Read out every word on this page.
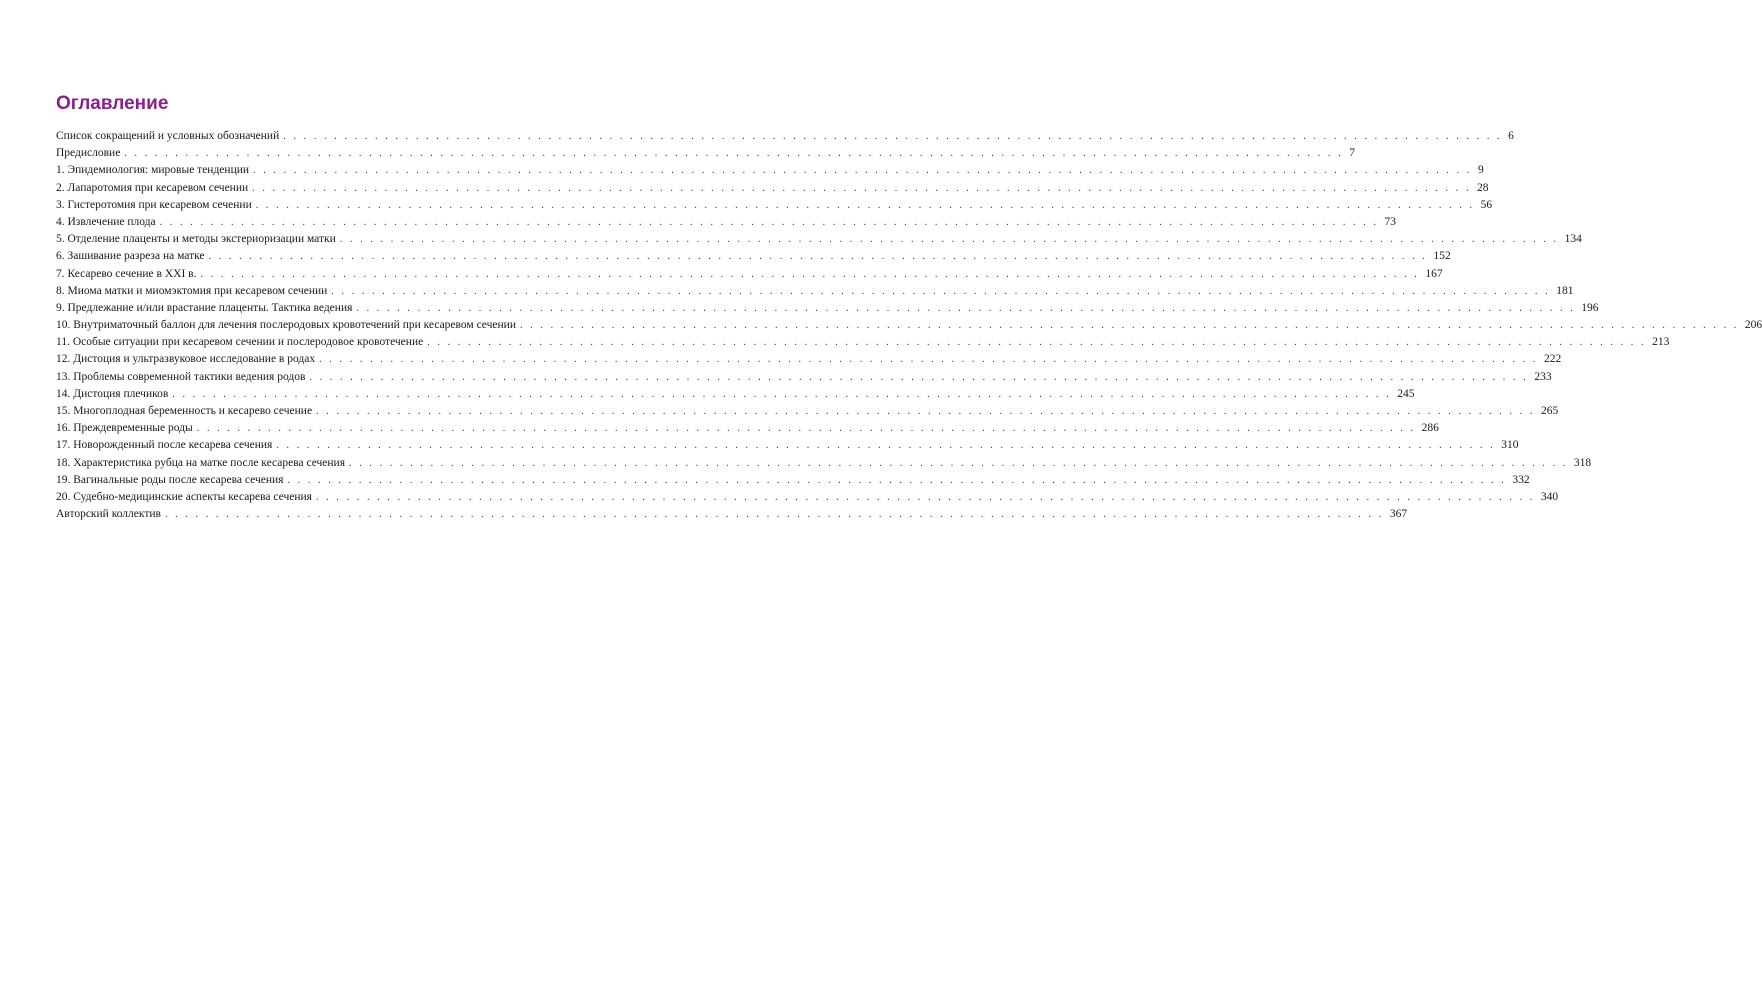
Оглавление
Список сокращений и условных обозначений . . . . . . . . . . . . . . . . . . . . . . . . . . . . . . . . . . . . . . . . . . . . . . . . . . . . . . . . . . . . . . . . . . . . . . . . . . . . . . . . . . . . . . . . . . . . . . . . . . . . . . . . . . . . . . . . . . . . . . . . 6
Предисловие . . . . . . . . . . . . . . . . . . . . . . . . . . . . . . . . . . . . . . . . . . . . . . . . . . . . . . . . . . . . . . . . . . . . . . . . . . . . . . . . . . . . . . . . . . . . . . . . . . . . . . . . . . . . . . . . . . . . . . . . 7
1. Эпидемиология: мировые тенденции . . . . . . . . . . . . . . . . . . . . . . . . . . . . . . . . . . . . . . . . . . . . . . . . . . . . . . . . . . . . . . . . . . . . . . . . . . . . . . . . . . . . . . . . . . . . . . . . . . . . . . . . . . . . . . . . . . . . . . . . 9
2. Лапаротомия при кесаревом сечении . . . . . . . . . . . . . . . . . . . . . . . . . . . . . . . . . . . . . . . . . . . . . . . . . . . . . . . . . . . . . . . . . . . . . . . . . . . . . . . . . . . . . . . . . . . . . . . . . . . . . . . . . . . . . . . . . . . . . . . . 28
3. Гистеротомия при кесаревом сечении . . . . . . . . . . . . . . . . . . . . . . . . . . . . . . . . . . . . . . . . . . . . . . . . . . . . . . . . . . . . . . . . . . . . . . . . . . . . . . . . . . . . . . . . . . . . . . . . . . . . . . . . . . . . . . . . . . . . . . . . 56
4. Извлечение плода . . . . . . . . . . . . . . . . . . . . . . . . . . . . . . . . . . . . . . . . . . . . . . . . . . . . . . . . . . . . . . . . . . . . . . . . . . . . . . . . . . . . . . . . . . . . . . . . . . . . . . . . . . . . . . . . . . . . . . . . 73
5. Отделение плаценты и методы экстериоризации матки . . . . . . . . . . . . . . . . . . . . . . . . . . . . . . . . . . . . . . . . . . . . . . . . . . . . . . . . . . . . . . . . . . . . . . . . . . . . . . . . . . . . . . . . . . . . . . . . . . . . . . . . . . . . . . . . . . . . . . . . 134
6. Зашивание разреза на матке . . . . . . . . . . . . . . . . . . . . . . . . . . . . . . . . . . . . . . . . . . . . . . . . . . . . . . . . . . . . . . . . . . . . . . . . . . . . . . . . . . . . . . . . . . . . . . . . . . . . . . . . . . . . . . . . . . . . . . . . 152
7. Кесарево сечение в XXI в. . . . . . . . . . . . . . . . . . . . . . . . . . . . . . . . . . . . . . . . . . . . . . . . . . . . . . . . . . . . . . . . . . . . . . . . . . . . . . . . . . . . . . . . . . . . . . . . . . . . . . . . . . . . . . . . . . . . . . . . . 167
8. Миома матки и миомэктомия при кесаревом сечении . . . . . . . . . . . . . . . . . . . . . . . . . . . . . . . . . . . . . . . . . . . . . . . . . . . . . . . . . . . . . . . . . . . . . . . . . . . . . . . . . . . . . . . . . . . . . . . . . . . . . . . . . . . . . . . . . . . . . . . . 181
9. Предлежание и/или врастание плаценты. Тактика ведения . . . . . . . . . . . . . . . . . . . . . . . . . . . . . . . . . . . . . . . . . . . . . . . . . . . . . . . . . . . . . . . . . . . . . . . . . . . . . . . . . . . . . . . . . . . . . . . . . . . . . . . . . . . . . . . . . . . . . . . . 196
10. Внутриматочный баллон для лечения послеродовых кровотечений при кесаревом сечении . . . . . . . . . . . . . . . . . . . . . . . . . . . . . . . . . . . . . . . . . . . . . . . . . . . . . . . . . . . . . . . . . . . . . . . . . . . . . . . . . . . . . . . . . . . . . . . . . . . . . . . . . . . . . . . . . . . . . . . . 206
11. Особые ситуации при кесаревом сечении и послеродовое кровотечение . . . . . . . . . . . . . . . . . . . . . . . . . . . . . . . . . . . . . . . . . . . . . . . . . . . . . . . . . . . . . . . . . . . . . . . . . . . . . . . . . . . . . . . . . . . . . . . . . . . . . . . . . . . . . . . . . . . . . . . . 213
12. Дистоция и ультразвуковое исследование в родах . . . . . . . . . . . . . . . . . . . . . . . . . . . . . . . . . . . . . . . . . . . . . . . . . . . . . . . . . . . . . . . . . . . . . . . . . . . . . . . . . . . . . . . . . . . . . . . . . . . . . . . . . . . . . . . . . . . . . . . . 222
13. Проблемы современной тактики ведения родов . . . . . . . . . . . . . . . . . . . . . . . . . . . . . . . . . . . . . . . . . . . . . . . . . . . . . . . . . . . . . . . . . . . . . . . . . . . . . . . . . . . . . . . . . . . . . . . . . . . . . . . . . . . . . . . . . . . . . . . . 233
14. Дистоция плечиков . . . . . . . . . . . . . . . . . . . . . . . . . . . . . . . . . . . . . . . . . . . . . . . . . . . . . . . . . . . . . . . . . . . . . . . . . . . . . . . . . . . . . . . . . . . . . . . . . . . . . . . . . . . . . . . . . . . . . . . . 245
15. Многоплодная беременность и кесарево сечение . . . . . . . . . . . . . . . . . . . . . . . . . . . . . . . . . . . . . . . . . . . . . . . . . . . . . . . . . . . . . . . . . . . . . . . . . . . . . . . . . . . . . . . . . . . . . . . . . . . . . . . . . . . . . . . . . . . . . . . . 265
16. Преждевременные роды . . . . . . . . . . . . . . . . . . . . . . . . . . . . . . . . . . . . . . . . . . . . . . . . . . . . . . . . . . . . . . . . . . . . . . . . . . . . . . . . . . . . . . . . . . . . . . . . . . . . . . . . . . . . . . . . . . . . . . . . 286
17. Новорожденный после кесарева сечения . . . . . . . . . . . . . . . . . . . . . . . . . . . . . . . . . . . . . . . . . . . . . . . . . . . . . . . . . . . . . . . . . . . . . . . . . . . . . . . . . . . . . . . . . . . . . . . . . . . . . . . . . . . . . . . . . . . . . . . . 310
18. Характеристика рубца на матке после кесарева сечения . . . . . . . . . . . . . . . . . . . . . . . . . . . . . . . . . . . . . . . . . . . . . . . . . . . . . . . . . . . . . . . . . . . . . . . . . . . . . . . . . . . . . . . . . . . . . . . . . . . . . . . . . . . . . . . . . . . . . . . . 318
19. Вагинальные роды после кесарева сечения . . . . . . . . . . . . . . . . . . . . . . . . . . . . . . . . . . . . . . . . . . . . . . . . . . . . . . . . . . . . . . . . . . . . . . . . . . . . . . . . . . . . . . . . . . . . . . . . . . . . . . . . . . . . . . . . . . . . . . . . 332
20. Судебно-медицинские аспекты кесарева сечения . . . . . . . . . . . . . . . . . . . . . . . . . . . . . . . . . . . . . . . . . . . . . . . . . . . . . . . . . . . . . . . . . . . . . . . . . . . . . . . . . . . . . . . . . . . . . . . . . . . . . . . . . . . . . . . . . . . . . . . . 340
Авторский коллектив . . . . . . . . . . . . . . . . . . . . . . . . . . . . . . . . . . . . . . . . . . . . . . . . . . . . . . . . . . . . . . . . . . . . . . . . . . . . . . . . . . . . . . . . . . . . . . . . . . . . . . . . . . . . . . . . . . . . . . . . 367
